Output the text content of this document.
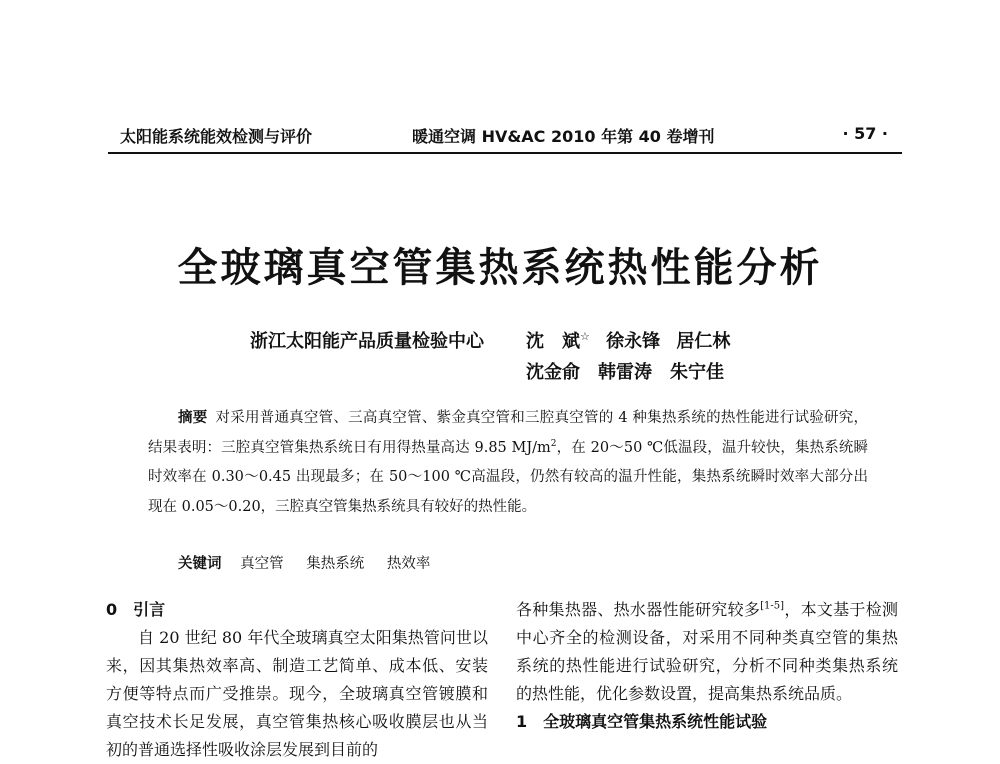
太阳能系统能效检测与评价	暖通空调 HV&AC 2010 年第 40 卷增刊	· 57 ·
全玻璃真空管集热系统热性能分析
浙江太阳能产品质量检验中心 沈　斌☆ 徐永锋 居仁林
沈金俞　韩雷涛　朱宁佳

摘要 对采用普通真空管、三高真空管、紫金真空管和三腔真空管的 4 种集热系统的热性能进行试验研究，结果表明：三腔真空管集热系统日有用得热量高达 9.85 $MJ/m^2$，在 20～50 ℃低温段，温升较快，集热系统瞬时效率在 0.30～0.45 出现最多；在 50～100 ℃高温段，仍然有较高的温升性能，集热系统瞬时效率大部分出现在 0.05～0.20，三腔真空管集热系统具有较好的热性能。

关键词 真空管 集热系统 热效率
0　引言

自 20 世纪 80 年代全玻璃真空太阳集热管问世以来，因其集热效率高、制造工艺简单、成本低、安装方便等特点而广受推崇。现今，全玻璃真空管镀膜和真空技术长足发展，真空管集热核心吸收膜层也从当初的普通选择性吸收涂层发展到目前的

各种集热器、热水器性能研究较多[1-5]，本文基于检测中心齐全的检测设备，对采用不同种类真空管的集热系统的热性能进行试验研究，分析不同种类集热系统的热性能，优化参数设置，提高集热系统品质。

1　全玻璃真空管集热系统性能试验
